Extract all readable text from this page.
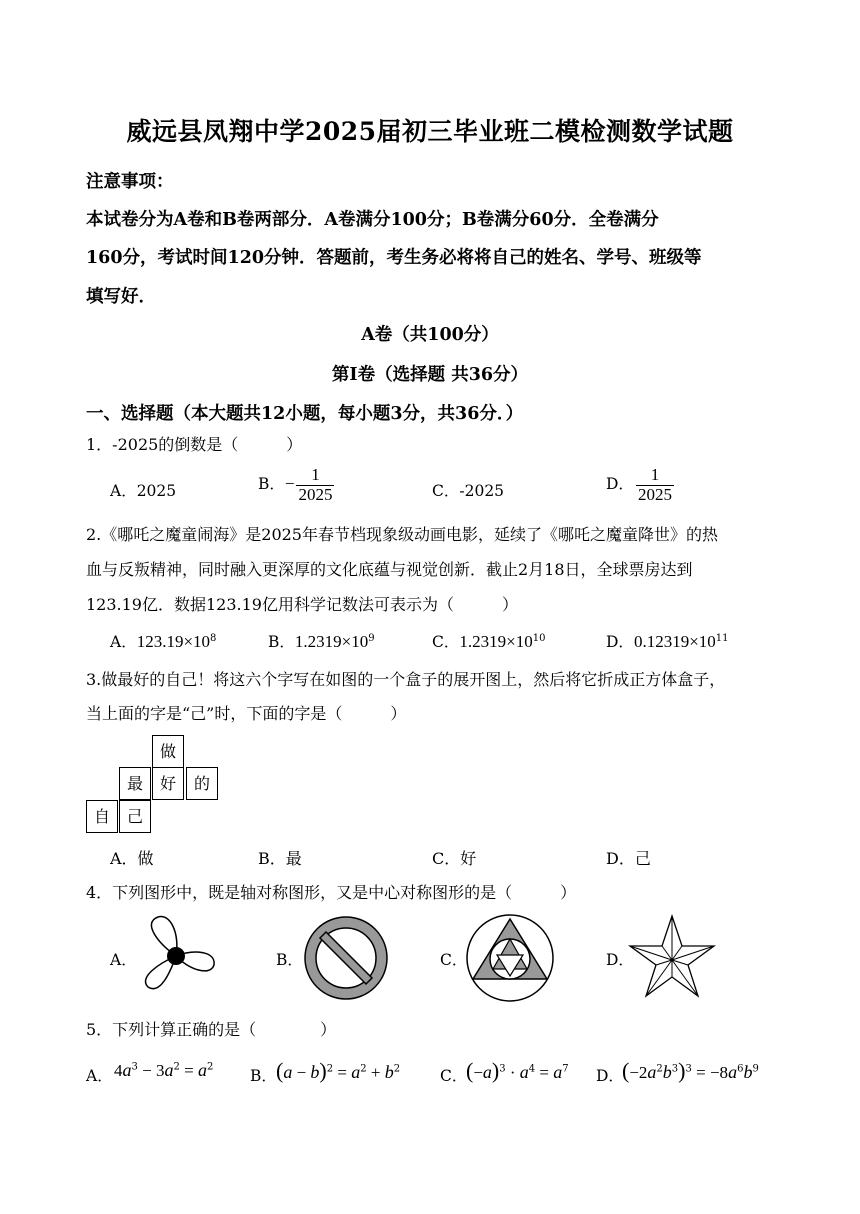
威远县凤翔中学2025届初三毕业班二模检测数学试题
注意事项：
本试卷分为A卷和B卷两部分．A卷满分100分；B卷满分60分．全卷满分
160分，考试时间120分钟．答题前，考生务必将将自己的姓名、学号、班级等
填写好．
A卷（共100分）
第Ⅰ卷（选择题 共36分）
一、选择题（本大题共12小题，每小题3分，共36分．）
1．-2025的倒数是（　　　）
A．2025	B．− $\frac{1}{2025}$	C．-2025	D． $\frac{1}{2025}$
2.《哪吒之魔童闹海》是2025年春节档现象级动画电影，延续了《哪吒之魔童降世》的热
血与反叛精神，同时融入更深厚的文化底蕴与视觉创新．截止2月18日，全球票房达到
123.19亿．数据123.19亿用科学记数法可表示为（　　　）
A．$123.19\times 10^8$	B．$1.2319\times 10^9$	C．$1.2319\times 10^{10}$	D．$0.12319\times 10^{11}$
3.做最好的自己！将这六个字写在如图的一个盒子的展开图上，然后将它折成正方体盒子，
当上面的字是“己”时，下面的字是（　　　）
做
最	好	的
自	己
A．做	B．最	C．好	D．己
4．下列图形中，既是轴对称图形，又是中心对称图形的是（　　　）
A．	B．	C．	D．
5．下列计算正确的是（　　　　）
A． $4a^3 - 3a^2 = a^2$ B． $(a - b)^2 = a^2 + b^2$	C．
$(-a)^3 \cdot a^4 = a^7$ D．
$(-2a^2b^3)^3 = -8a^6b^9$
